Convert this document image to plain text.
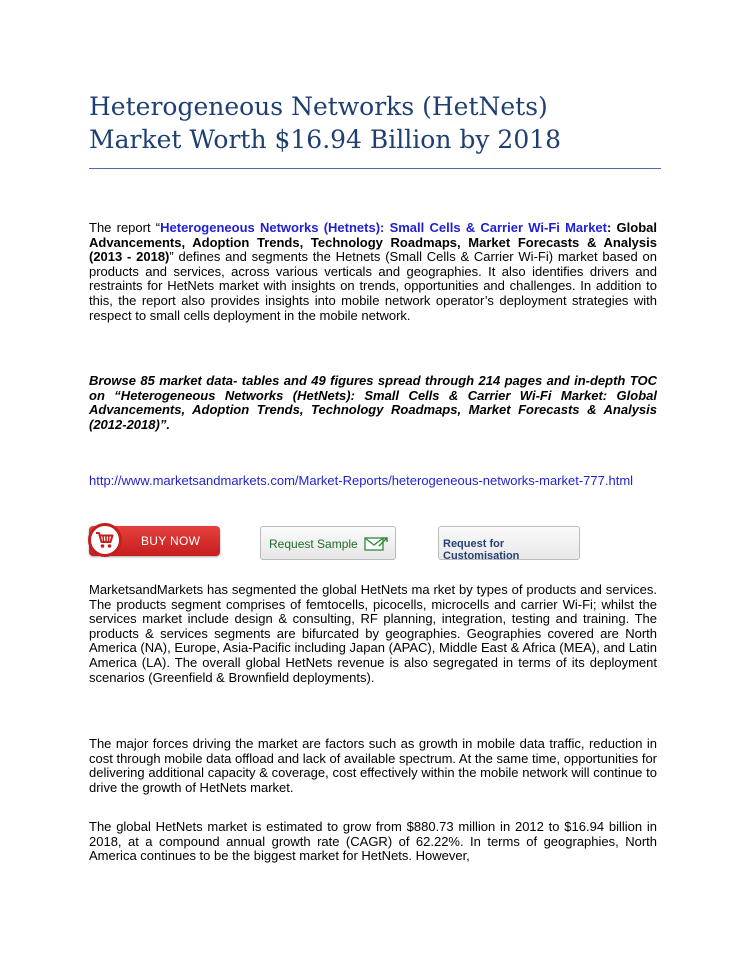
Heterogeneous Networks (HetNets)
Market Worth $16.94 Billion by 2018

The report “Heterogeneous Networks (Hetnets): Small Cells & Carrier Wi-Fi Market: Global Advancements, Adoption Trends, Technology Roadmaps, Market Forecasts & Analysis (2013 - 2018)” defines and segments the Hetnets (Small Cells & Carrier Wi-Fi) market based on products and services, across various verticals and geographies. It also identifies drivers and restraints for HetNets market with insights on trends, opportunities and challenges. In addition to this, the report also provides insights into mobile network operator’s deployment strategies with respect to small cells deployment in the mobile network.

Browse 85 market data- tables and 49 figures spread through 214 pages and in-depth TOC on “Heterogeneous Networks (HetNets): Small Cells & Carrier Wi-Fi Market: Global Advancements, Adoption Trends, Technology Roadmaps, Market Forecasts & Analysis (2012-2018)”.

http://www.marketsandmarkets.com/Market-Reports/heterogeneous-networks-market-777.html

BUY NOW	Request Sample	Request for Customisation

MarketsandMarkets has segmented the global HetNets ma rket by types of products and services. The products segment comprises of femtocells, picocells, microcells and carrier Wi-Fi; whilst the services market include design & consulting, RF planning, integration, testing and training. The products & services segments are bifurcated by geographies. Geographies covered are North America (NA), Europe, Asia-Pacific including Japan (APAC), Middle East & Africa (MEA), and Latin America (LA). The overall global HetNets revenue is also segregated in terms of its deployment scenarios (Greenfield & Brownfield deployments).

The major forces driving the market are factors such as growth in mobile data traffic, reduction in cost through mobile data offload and lack of available spectrum. At the same time, opportunities for delivering additional capacity & coverage, cost effectively within the mobile network will continue to drive the growth of HetNets market.

The global HetNets market is estimated to grow from $880.73 million in 2012 to $16.94 billion in 2018, at a compound annual growth rate (CAGR) of 62.22%. In terms of geographies, North America continues to be the biggest market for HetNets. However,
